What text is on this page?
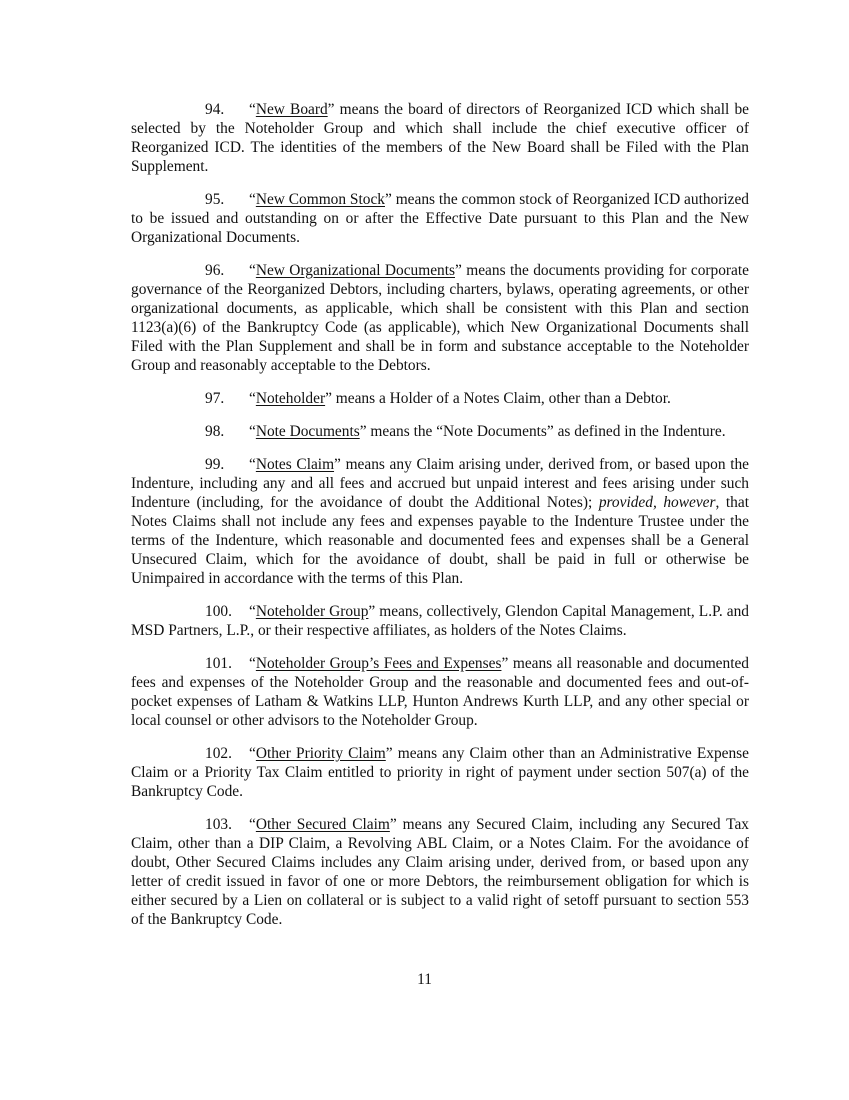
94. “New Board” means the board of directors of Reorganized ICD which shall be selected by the Noteholder Group and which shall include the chief executive officer of Reorganized ICD. The identities of the members of the New Board shall be Filed with the Plan Supplement.

95. “New Common Stock” means the common stock of Reorganized ICD authorized to be issued and outstanding on or after the Effective Date pursuant to this Plan and the New Organizational Documents.

96. “New Organizational Documents” means the documents providing for corporate governance of the Reorganized Debtors, including charters, bylaws, operating agreements, or other organizational documents, as applicable, which shall be consistent with this Plan and section 1123(a)(6) of the Bankruptcy Code (as applicable), which New Organizational Documents shall Filed with the Plan Supplement and shall be in form and substance acceptable to the Noteholder Group and reasonably acceptable to the Debtors.

97. “Noteholder” means a Holder of a Notes Claim, other than a Debtor.

98. “Note Documents” means the “Note Documents” as defined in the Indenture.

99. “Notes Claim” means any Claim arising under, derived from, or based upon the Indenture, including any and all fees and accrued but unpaid interest and fees arising under such Indenture (including, for the avoidance of doubt the Additional Notes); provided, however, that Notes Claims shall not include any fees and expenses payable to the Indenture Trustee under the terms of the Indenture, which reasonable and documented fees and expenses shall be a General Unsecured Claim, which for the avoidance of doubt, shall be paid in full or otherwise be Unimpaired in accordance with the terms of this Plan.

100. “Noteholder Group” means, collectively, Glendon Capital Management, L.P. and MSD Partners, L.P., or their respective affiliates, as holders of the Notes Claims.

101. “Noteholder Group’s Fees and Expenses” means all reasonable and documented fees and expenses of the Noteholder Group and the reasonable and documented fees and out-of-pocket expenses of Latham & Watkins LLP, Hunton Andrews Kurth LLP, and any other special or local counsel or other advisors to the Noteholder Group.

102. “Other Priority Claim” means any Claim other than an Administrative Expense Claim or a Priority Tax Claim entitled to priority in right of payment under section 507(a) of the Bankruptcy Code.

103. “Other Secured Claim” means any Secured Claim, including any Secured Tax Claim, other than a DIP Claim, a Revolving ABL Claim, or a Notes Claim. For the avoidance of doubt, Other Secured Claims includes any Claim arising under, derived from, or based upon any letter of credit issued in favor of one or more Debtors, the reimbursement obligation for which is either secured by a Lien on collateral or is subject to a valid right of setoff pursuant to section 553 of the Bankruptcy Code.

11
